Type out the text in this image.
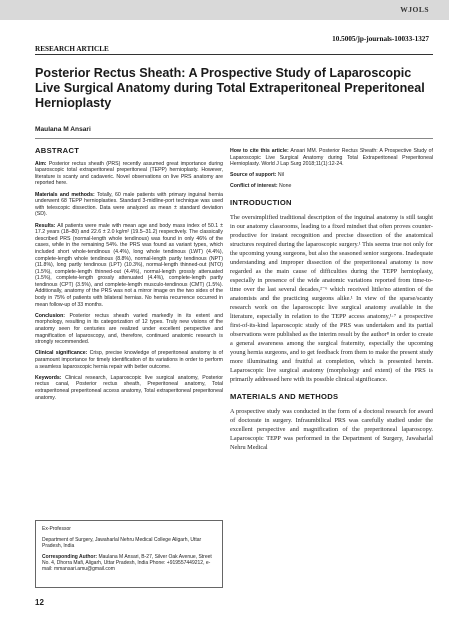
WJOLS
10.5005/jp-journals-10033-1327
RESEARCH ARTICLE
Posterior Rectus Sheath: A Prospective Study of Laparoscopic Live Surgical Anatomy during Total Extraperitoneal Preperitoneal Hernioplasty
Maulana M Ansari
ABSTRACT

Aim: Posterior rectus sheath (PRS) recently assumed great importance during laparoscopic total extraperitoneal preperitoneal (TEPP) hernioplasty. However, literature is scanty and cadaveric. Novel observations on live PRS anatomy are reported here.

Materials and methods: Totally, 60 male patients with primary inguinal hernia underwent 68 TEPP hernioplasties. Standard 3-midline-port technique was used with telescopic dissection. Data were analyzed as mean ± standard deviation (SD).

Results: All patients were male with mean age and body mass index of 50.1 ± 17.2 years (18–80) and 22.6 ± 2.0 kg/m² (19.5–31.2) respectively. The classically described PRS (normal-length whole tendinous) was found in only 46% of the cases, while in the remaining 54%. the PRS was found as variant types, which included short whole-tendinous (4.4%), long whole tendinous (LWT) (4.4%), complete-length whole tendinous (8.8%), normal-length partly tendinous (NPT) (11.8%), long partly tendinous (LPT) (10.3%), normal-length thinned-out (NTO) (1.5%), complete-length thinned-out (4.4%), normal-length grossly attenuated (1.5%), complete-length grossly attenuated (4.4%), complete-length partly tendinous (CPT) (3.5%), and complete-length musculo-tendinous (CMT) (1.5%). Additionally, anatomy of the PRS was not a mirror image on the two sides of the body in 75% of patients with bilateral hernias. No hernia recurrence occurred in mean follow-up of 33 months.

Conclusion: Posterior rectus sheath varied markedly in its extent and morphology, resulting in its categorization of 12 types. Truly new visions of the anatomy seen for centuries are realized under excellent perspective and magnification of laparoscopy, and, therefore, continued anatomic research is strongly recommended.

Clinical significance: Crisp, precise knowledge of preperitoneal anatomy is of paramount importance for timely identification of its variations in order to perform a seamless laparoscopic hernia repair with better outcome.

Keywords: Clinical research, Laparoscopic live surgical anatomy, Posterior rectus canal, Posterior rectus sheath, Preperitoneal anatomy, Total extraperitoneal preperitoneal access anatomy, Total extraperitoneal preperitoneal anatomy.

Ex-Professor

Department of Surgery, Jawaharlal Nehru Medical College Aligarh, Uttar Pradesh, India

Corresponding Author: Maulana M Ansari, B-27, Silver Oak Avenue, Street No. 4, Dhorra Mafi, Aligarh, Uttar Pradesh, India Phone: +919557449212, e-mail: mmansari.amu@gmail.com

How to cite this article: Ansari MM. Posterior Rectus Sheath: A Prospective Study of Laparoscopic Live Surgical Anatomy during Total Extraperitoneal Preperitoneal Hernioplasty. World J Lap Surg 2018;11(1):12-24.

Source of support: Nil

Conflict of interest: None

INTRODUCTION

The oversimplified traditional description of the inguinal anatomy is still taught in our anatomy classrooms, leading to a fixed mindset that often proves counter-productive for instant recognition and precise dissection of the anatomical structures required during the laparoscopic surgery.¹ This seems true not only for the upcoming young surgeons, but also the seasoned senior surgeons. Inadequate understanding and improper dissection of the preperitoneal anatomy is now regarded as the main cause of difficulties during the TEPP hernioplasty, especially in presence of the wide anatomic variations reported from time-to-time over the last several decades,²⁻⁶ which received little/no attention of the anatomists and the practicing surgeons alike.¹ In view of the sparse/scanty research work on the laparoscopic live surgical anatomy available in the literature, especially in relation to the TEPP access anatomy,¹·⁷ a prospective first-of-its-kind laparoscopic study of the PRS was undertaken and its partial observations were published as the interim result by the author⁸ in order to create a general awareness among the surgical fraternity, especially the upcoming young hernia surgeons, and to get feedback from them to make the present study more illuminating and fruitful at completion, which is presented herein. Laparoscopic live surgical anatomy (morphology and extent) of the PRS is primarily addressed here with its possible clinical significance.

MATERIALS AND METHODS

A prospective study was conducted in the form of a doctoral research for award of doctorate in surgery. Infraumbilical PRS was carefully studied under the excellent perspective and magnification of the preperitoneal laparoscopy. Laparoscopic TEPP was performed in the Department of Surgery, Jawaharlal Nehru Medical

12
